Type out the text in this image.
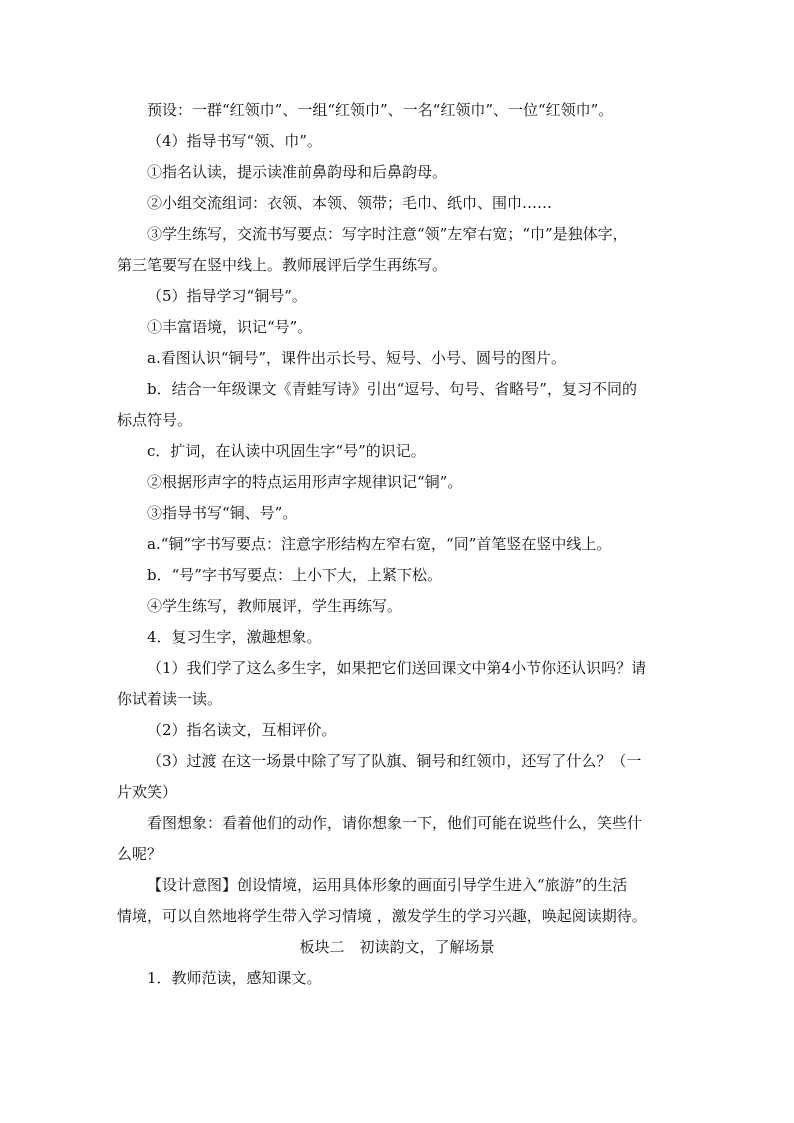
预设：一群“红领巾”、一组“红领巾”、一名“红领巾”、一位“红领巾”。

（4）指导书写“领、巾”。

①指名认读，提示读准前鼻韵母和后鼻韵母。

②小组交流组词：衣领、本领、领带；毛巾、纸巾、围巾……

③学生练写，交流书写要点：写字时注意“领”左窄右宽；“巾”是独体字，

第三笔要写在竖中线上。教师展评后学生再练写。

（5）指导学习“铜号”。

①丰富语境，识记“号”。

a.看图认识“铜号”，课件出示长号、短号、小号、圆号的图片。

b．结合一年级课文《青蛙写诗》引出“逗号、句号、省略号”，复习不同的

标点符号。

c．扩词，在认读中巩固生字“号”的识记。

②根据形声字的特点运用形声字规律识记“铜”。

③指导书写“铜、号”。

a.“铜”字书写要点：注意字形结构左窄右宽，“同”首笔竖在竖中线上。

b．“号”字书写要点：上小下大，上紧下松。

④学生练写，教师展评，学生再练写。

4．复习生字，激趣想象。

（1）我们学了这么多生字，如果把它们送回课文中第4小节你还认识吗？请

你试着读一读。

（2）指名读文，互相评价。

（3）过渡 在这一场景中除了写了队旗、铜号和红领巾，还写了什么？（一

片欢笑）

看图想象：看着他们的动作，请你想象一下，他们可能在说些什么，笑些什

么呢？

【设计意图】创设情境，运用具体形象的画面引导学生进入“旅游”的生活

情境，可以自然地将学生带入学习情境 ，激发学生的学习兴趣，唤起阅读期待。

板块二　初读韵文，了解场景

1．教师范读，感知课文。
